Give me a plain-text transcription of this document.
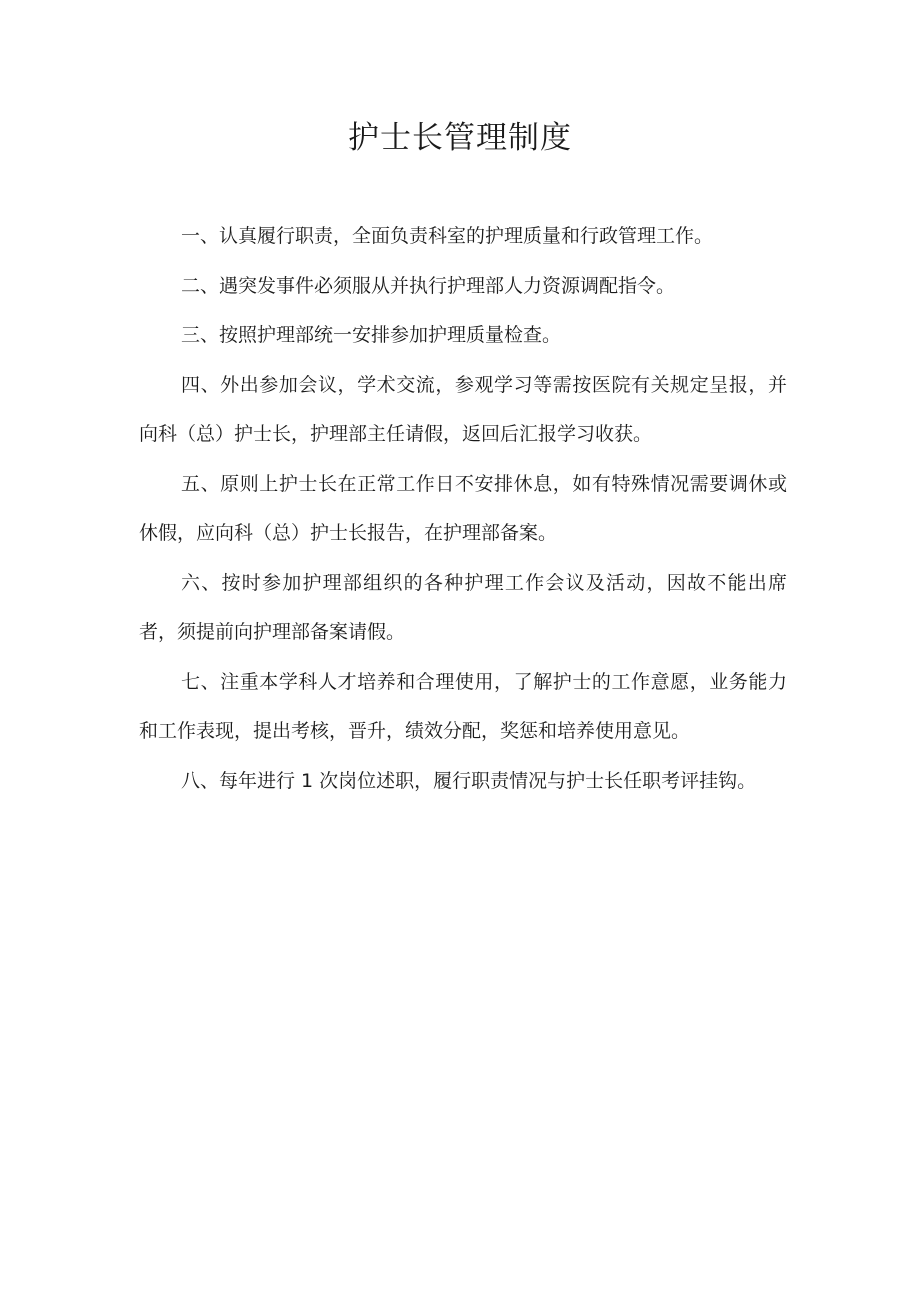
护士长管理制度

一、认真履行职责，全面负责科室的护理质量和行政管理工作。

二、遇突发事件必须服从并执行护理部人力资源调配指令。

三、按照护理部统一安排参加护理质量检查。

四、外出参加会议，学术交流，参观学习等需按医院有关规定呈报，并向科（总）护士长，护理部主任请假，返回后汇报学习收获。

五、原则上护士长在正常工作日不安排休息，如有特殊情况需要调休或休假，应向科（总）护士长报告，在护理部备案。

六、按时参加护理部组织的各种护理工作会议及活动，因故不能出席者，须提前向护理部备案请假。

七、注重本学科人才培养和合理使用，了解护士的工作意愿，业务能力和工作表现，提出考核，晋升，绩效分配，奖惩和培养使用意见。

八、每年进行 1 次岗位述职，履行职责情况与护士长任职考评挂钩。
